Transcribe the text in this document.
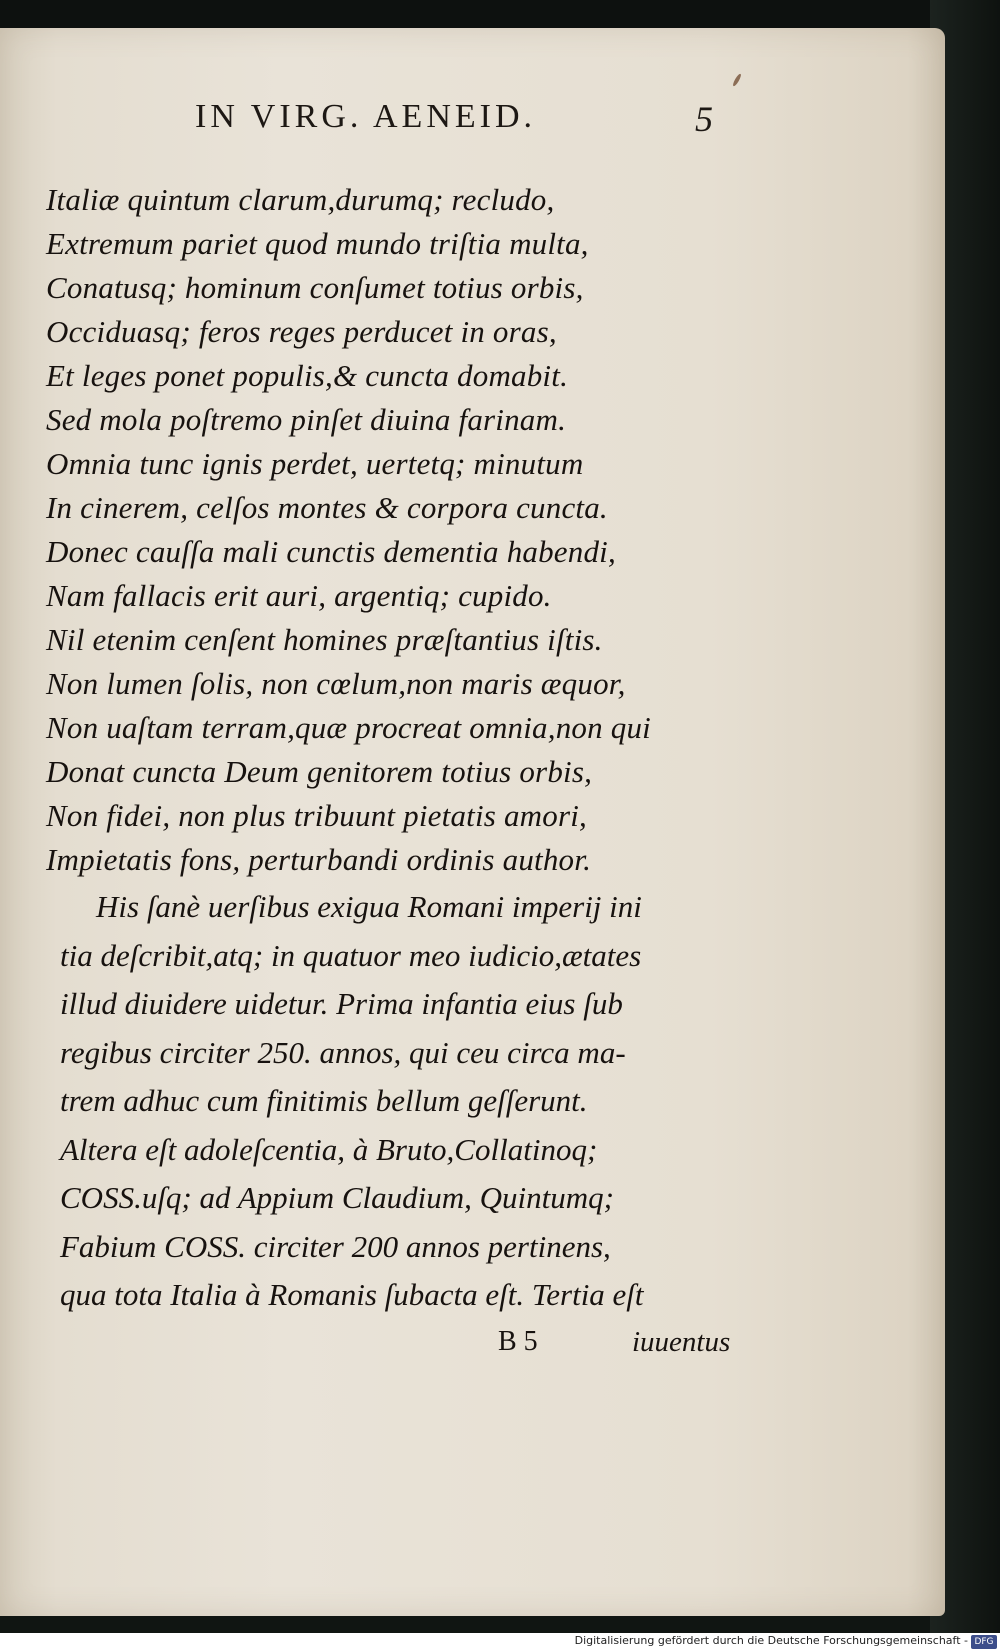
IN VIRG. AENEID.	5
Italiæ quintum clarum,durumq; recludo,
Extremum pariet quod mundo triſtia multa,
Conatusq; hominum conſumet totius orbis,
Occiduasq; feros reges perducet in oras,
Et leges ponet populis,& cuncta domabit.
Sed mola poſtremo pinſet diuina farinam.
Omnia tunc ignis perdet, uertetq; minutum
In cinerem, celſos montes & corpora cuncta.
Donec cauſſa mali cunctis dementia habendi,
Nam fallacis erit auri, argentiq; cupido.
Nil etenim cenſent homines præſtantius iſtis.
Non lumen ſolis, non cœlum,non maris æquor,
Non uaſtam terram,quæ procreat omnia,non qui
Donat cuncta Deum genitorem totius orbis,
Non fidei, non plus tribuunt pietatis amori,
Impietatis fons, perturbandi ordinis author.
His ſanè uerſibus exigua Romani imperij ini
tia deſcribit,atq; in quatuor meo iudicio,ætates
illud diuidere uidetur. Prima infantia eius ſub
regibus circiter 250. annos, qui ceu circa ma-
trem adhuc cum finitimis bellum geſſerunt.
Altera eſt adoleſcentia, à Bruto,Collatinoq;
COSS.uſq; ad Appium Claudium, Quintumq;
Fabium COSS. circiter 200 annos pertinens,
qua tota Italia à Romanis ſubacta eſt. Tertia eſt
B 5	iuuentus
Digitalisierung gefördert durch die Deutsche Forschungsgemeinschaft - DFG
